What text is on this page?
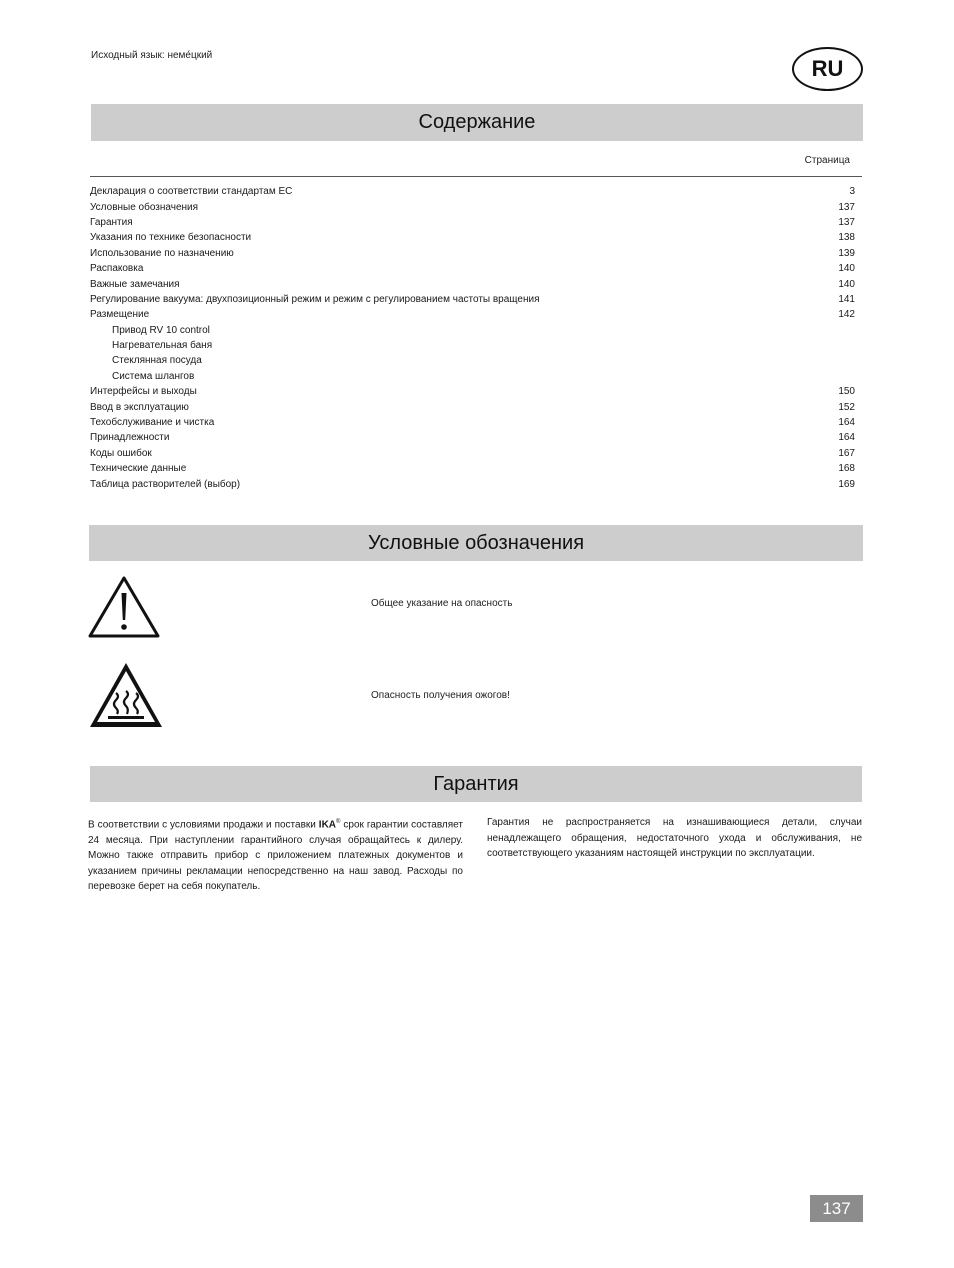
Исходный язык: неме́цкий
RU
Содержание
Страница
Декларация о соответствии стандартам ЕС	3
Условные обозначения	137
Гарантия	137
Указания по технике безопасности	138
Использование по назначению	139
Распаковка	140
Важные замечания	140
Регулирование вакуума: двухпозиционный режим и режим с регулированием частоты вращения	141
Размещение	142
Привод RV 10 control
Нагревательная баня
Стеклянная посуда
Система шлангов
Интерфейсы и выходы	150
Ввод в эксплуатацию	152
Техобслуживание и чистка	164
Принадлежности	164
Коды ошибок	167
Технические данные	168
Таблица растворителей (выбор)	169
Условные обозначения
Общее указание на опасность
Опасность получения ожогов!
Гарантия

В соответствии с условиями продажи и поставки IKA® срок гарантии составляет 24 месяца. При наступлении гарантийного случая обращайтесь к дилеру. Можно также отправить прибор с приложением платежных документов и указанием причины рекламации непосредственно на наш завод. Расходы по перевозке берет на себя покупатель.

Гарантия не распространяется на изнашивающиеся детали, случаи ненадлежащего обращения, недостаточного ухода и обслуживания, не соответствующего указаниям настоящей инструкции по эксплуатации.

137
